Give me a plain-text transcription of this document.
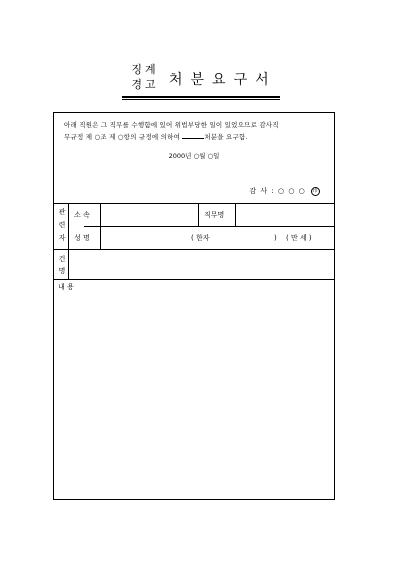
징계
경고 처분요구서
아래 직원은 그 직무를 수행함에 있어 위법부당한 일이 있었으므로 감사직
무규정 제 ○조 제 ○항의 규정에 의하여	처분을 요구함.
2000년 ○월 ○일
감 사 : ○ ○ ○ 印
관
련
자
소 속	직무명
성 명	( 한자	) ( 만 세 )
건
명
내 용
